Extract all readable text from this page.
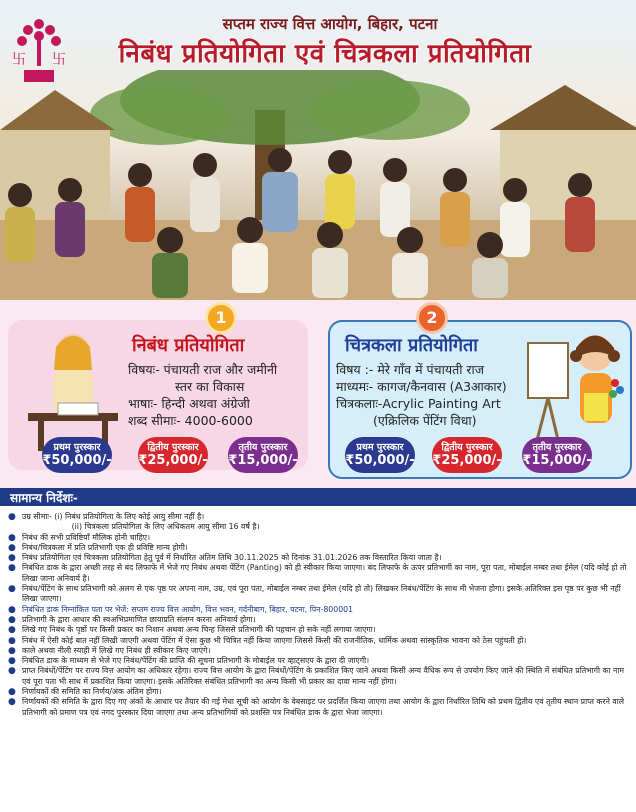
卐 卐
सप्तम राज्य वित्त आयोग, बिहार, पटना
निबंध प्रतियोगिता एवं चित्रकला प्रतियोगिता
1	2
निबंध प्रतियोगिता
विषयः- पंचायती राज और जमीनी
स्तर का विकास
भाषाः- हिन्दी अथवा अंग्रेजी
शब्द सीमाः- 4000-6000
प्रथम पुरस्कार
₹50,000/-
द्वितीय पुरस्कार
₹25,000/-
तृतीय पुरस्कार
₹15,000/-
चित्रकला प्रतियोगिता
विषय :- मेरे गाँव में पंचायती राज
माध्यमः- कागज/कैनवास (A3आकार)
चित्रकलाः-Acrylic Painting Art
(एक्रिलिक पेंटिंग विधा)
प्रथम पुरस्कार
₹50,000/-
द्वितीय पुरस्कार
₹25,000/-
तृतीय पुरस्कार
₹15,000/-
सामान्य निर्देशः-
● उम्र सीमाः- (i) निबंध प्रतियोगिता के लिए कोई आयु सीमा नहीं है।
(ii) चित्रकला प्रतियोगिता के लिए अधिकतम आयु सीमा 16 वर्ष है।
● निबंध की सभी प्रविष्टियाँ मौलिक होनी चाहिए।
● निबंध/चित्रकला में प्रति प्रतिभागी एक ही प्रविष्टि मान्य होगी।
● निबंध प्रतियोगिता एवं चित्रकला प्रतियोगिता हेतु पूर्व में निर्धारित अंतिम तिथि 30.11.2025 को दिनांक 31.01.2026 तक विस्तारित किया जाता है।
● निबंधित डाक के द्वारा अच्छी तरह से बंद लिफाफे में भेजे गए निबंध अथवा पेंटिंग (Panting) को ही स्वीकार किया जाएगा। बंद लिफाफे के ऊपर प्रतिभागी का नाम, पूरा पता, मोबाईल नम्बर तथा ईमेल (यदि कोई हो तो लिखा जाना अनिवार्य है।
● निबंध/पेंटिंग के साथ प्रतिभागी को अलग से एक पृष्ठ पर अपना नाम, उम्र, एवं पूरा पता, मोबाईल नम्बर तथा ईमेल (यदि हो तो) लिखकर निबंध/पेंटिंग के साथ मी भेजना होगा। इसके अतिरिक्त इस पृष्ठ पर कुछ भी नहीं लिखा जाएगा।
● निबंधित डाक निम्नांकित पता पर भेजें: सप्तम राज्य वित्त आयोग, वित्त भवन, गर्दनीबाग, बिहार, पटना, पिन-800001
● प्रतिभागी के द्वारा आधार की स्वअभिप्रमाणित छायाप्रति संलग्न करना अनिवार्य होगा।
● लिखे गए निबंध के पृष्ठों पर किसी प्रकार का निशान अथवा अन्य चिन्ह जिससे प्रतिभागी की पहचान हो सके नहीं लगाया जाएगा।
● निबंध में ऐसी कोई बात नहीं लिखी जाएगी अथवा पेंटिंग में ऐसा कुछ भी चित्रित नहीं किया जाएगा जिससे किसी की राजनीतिक, धार्मिक अथवा सांस्कृतिक भावना को ठेस पहुंचती हो।
● काले अथवा नीली स्याही में लिखे गए निबंध ही स्वीकार किए जाएंगे।
● निबंधित डाक के माध्यम से भेजे गए निबंध/पेंटिंग की प्राप्ति की सूचना प्रतिभागी के मोबाईल पर व्हाट्सएप के द्वारा दी जाएगी।
● प्राप्त निबंधों/पेंटिंग पर राज्य वित्त आयोग का अधिकार रहेगा। राज्य वित्त आयोग के द्वारा निबंधों/पेंटिंग के प्रकाशित किए जाने अथवा किसी अन्य वैधिक रूप से उपयोग किए जाने की स्थिति में संबंधित प्रतिभागी का नाम एवं पूरा पता भी साथ में प्रकाशित किया जाएगा। इसके अतिरिक्त संबंधित प्रतिभागी का अन्य किसी भी प्रकार का दावा मान्य नहीं होगा।
● निर्णायकों की समिति का निर्णय/अंक अंतिम होगा।
● निर्णायकों की समिति के द्वारा दिए गए अंकों के आधार पर तैयार की गई मेधा सूची को आयोग के वेबसाइट पर प्रदर्शित किया जाएगा तथा आयोग के द्वारा निर्धारित तिथि को प्रथम द्वितीय एवं तृतीय स्थान प्राप्त करने वाले प्रतिभागी को प्रमाण पत्र एवं नगद पुरस्कार दिया जाएगा तथा अन्य प्रतिभागियों को प्रशस्ति पत्र निबंधित डाक के द्वारा भेजा जाएगा।
